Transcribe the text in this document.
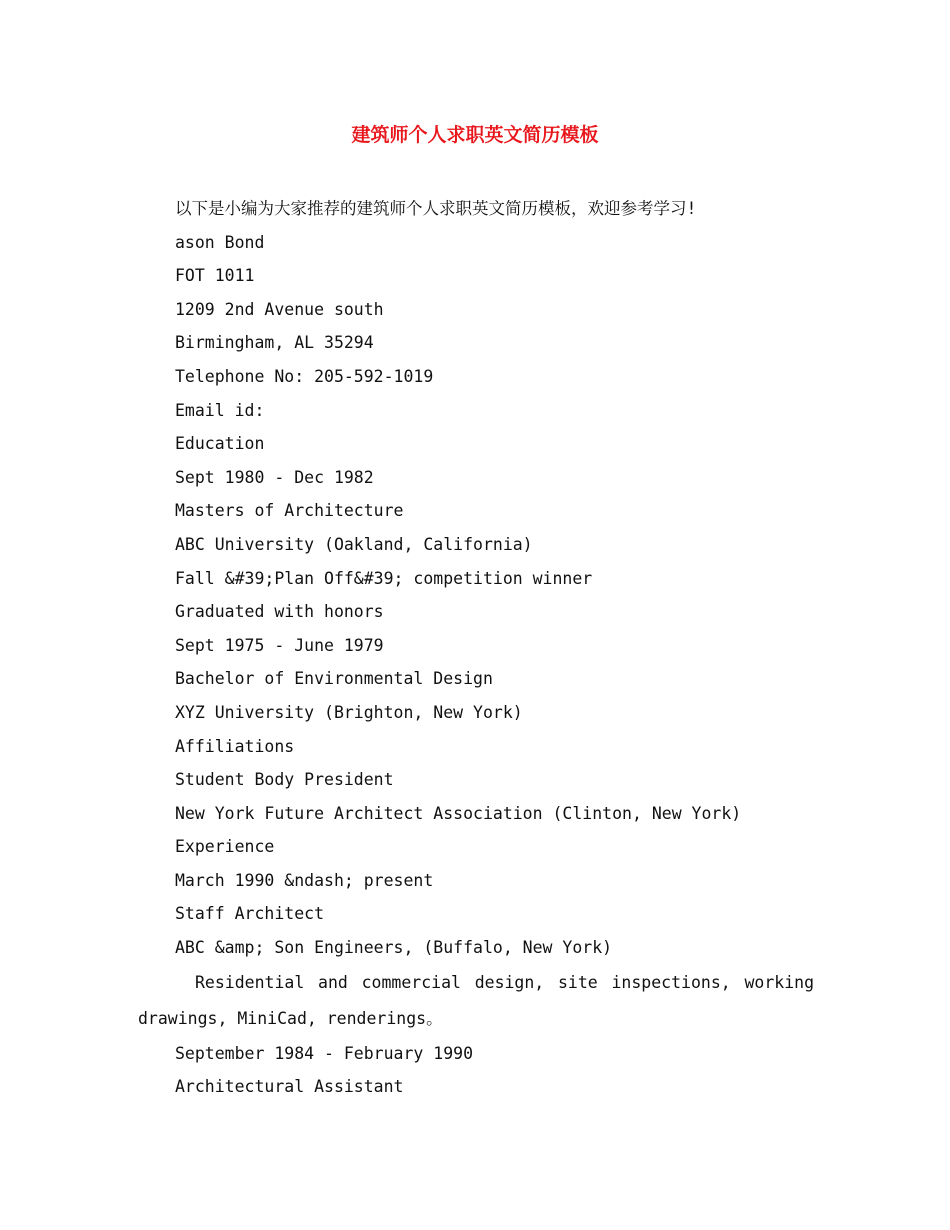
建筑师个人求职英文简历模板

以下是小编为大家推荐的建筑师个人求职英文简历模板，欢迎参考学习!

ason Bond

FOT 1011

1209 2nd Avenue south

Birmingham, AL 35294

Telephone No: 205-592-1019

Email id:

Education

Sept 1980 - Dec 1982

Masters of Architecture

ABC University (Oakland, California)

Fall &#39;Plan Off&#39; competition winner

Graduated with honors

Sept 1975 - June 1979

Bachelor of Environmental Design

XYZ University (Brighton, New York)

Affiliations

Student Body President

New York Future Architect Association (Clinton, New York)

Experience

March 1990 &ndash; present

Staff Architect

ABC &amp; Son Engineers, (Buffalo, New York)

Residential and commercial design, site inspections, working drawings, MiniCad, renderings。

September 1984 - February 1990

Architectural Assistant
